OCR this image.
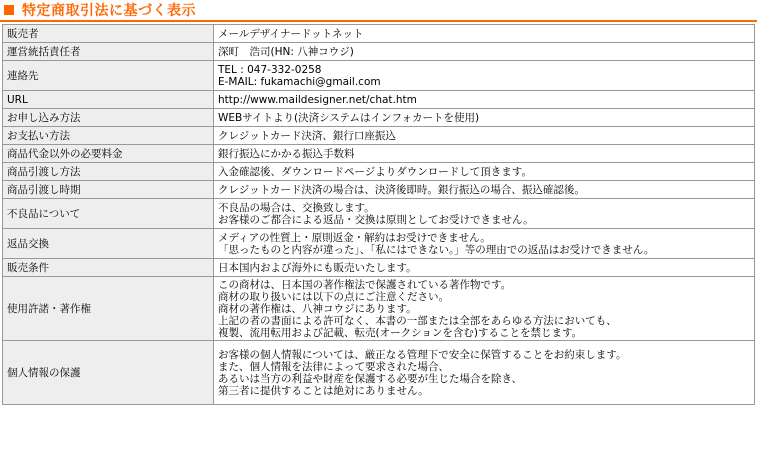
特定商取引法に基づく表示
販売者	メールデザイナードットネット

運営統括責任者	深町　浩司(HN: 八神コウジ)

連絡先	TEL : 047-332-0258
E-MAIL: fukamachi@gmail.com

URL	http://www.maildesigner.net/chat.htm

お申し込み方法	WEBサイトより(決済システムはインフォカートを使用)

お支払い方法	クレジットカード決済、銀行口座振込

商品代金以外の必要料金	銀行振込にかかる振込手数料

商品引渡し方法	入金確認後、ダウンロードページよりダウンロードして頂きます。

商品引渡し時期	クレジットカード決済の場合は、決済後即時。銀行振込の場合、振込確認後。

不良品について	不良品の場合は、交換致します。
お客様のご都合による返品・交換は原則としてお受けできません。

返品交換	メディアの性質上・原則返金・解約はお受けできません。
「思ったものと内容が違った」、「私にはできない。」等の理由での返品はお受けできません。

販売条件	日本国内および海外にも販売いたします。

使用許諾・著作権	この商材は、日本国の著作権法で保護されている著作物です。
商材の取り扱いには以下の点にご注意ください。
商材の著作権は、八神コウジにあります。
上記の者の書面による許可なく、本書の一部または全部をあらゆる方法においても、
複製、流用転用および記載、転売(オークションを含む)することを禁じます。

個人情報の保護	お客様の個人情報については、厳正なる管理下で安全に保管することをお約束します。
また、個人情報を法律によって要求された場合、
あるいは当方の利益や財産を保護する必要が生じた場合を除き、
第三者に提供することは絶対にありません。
